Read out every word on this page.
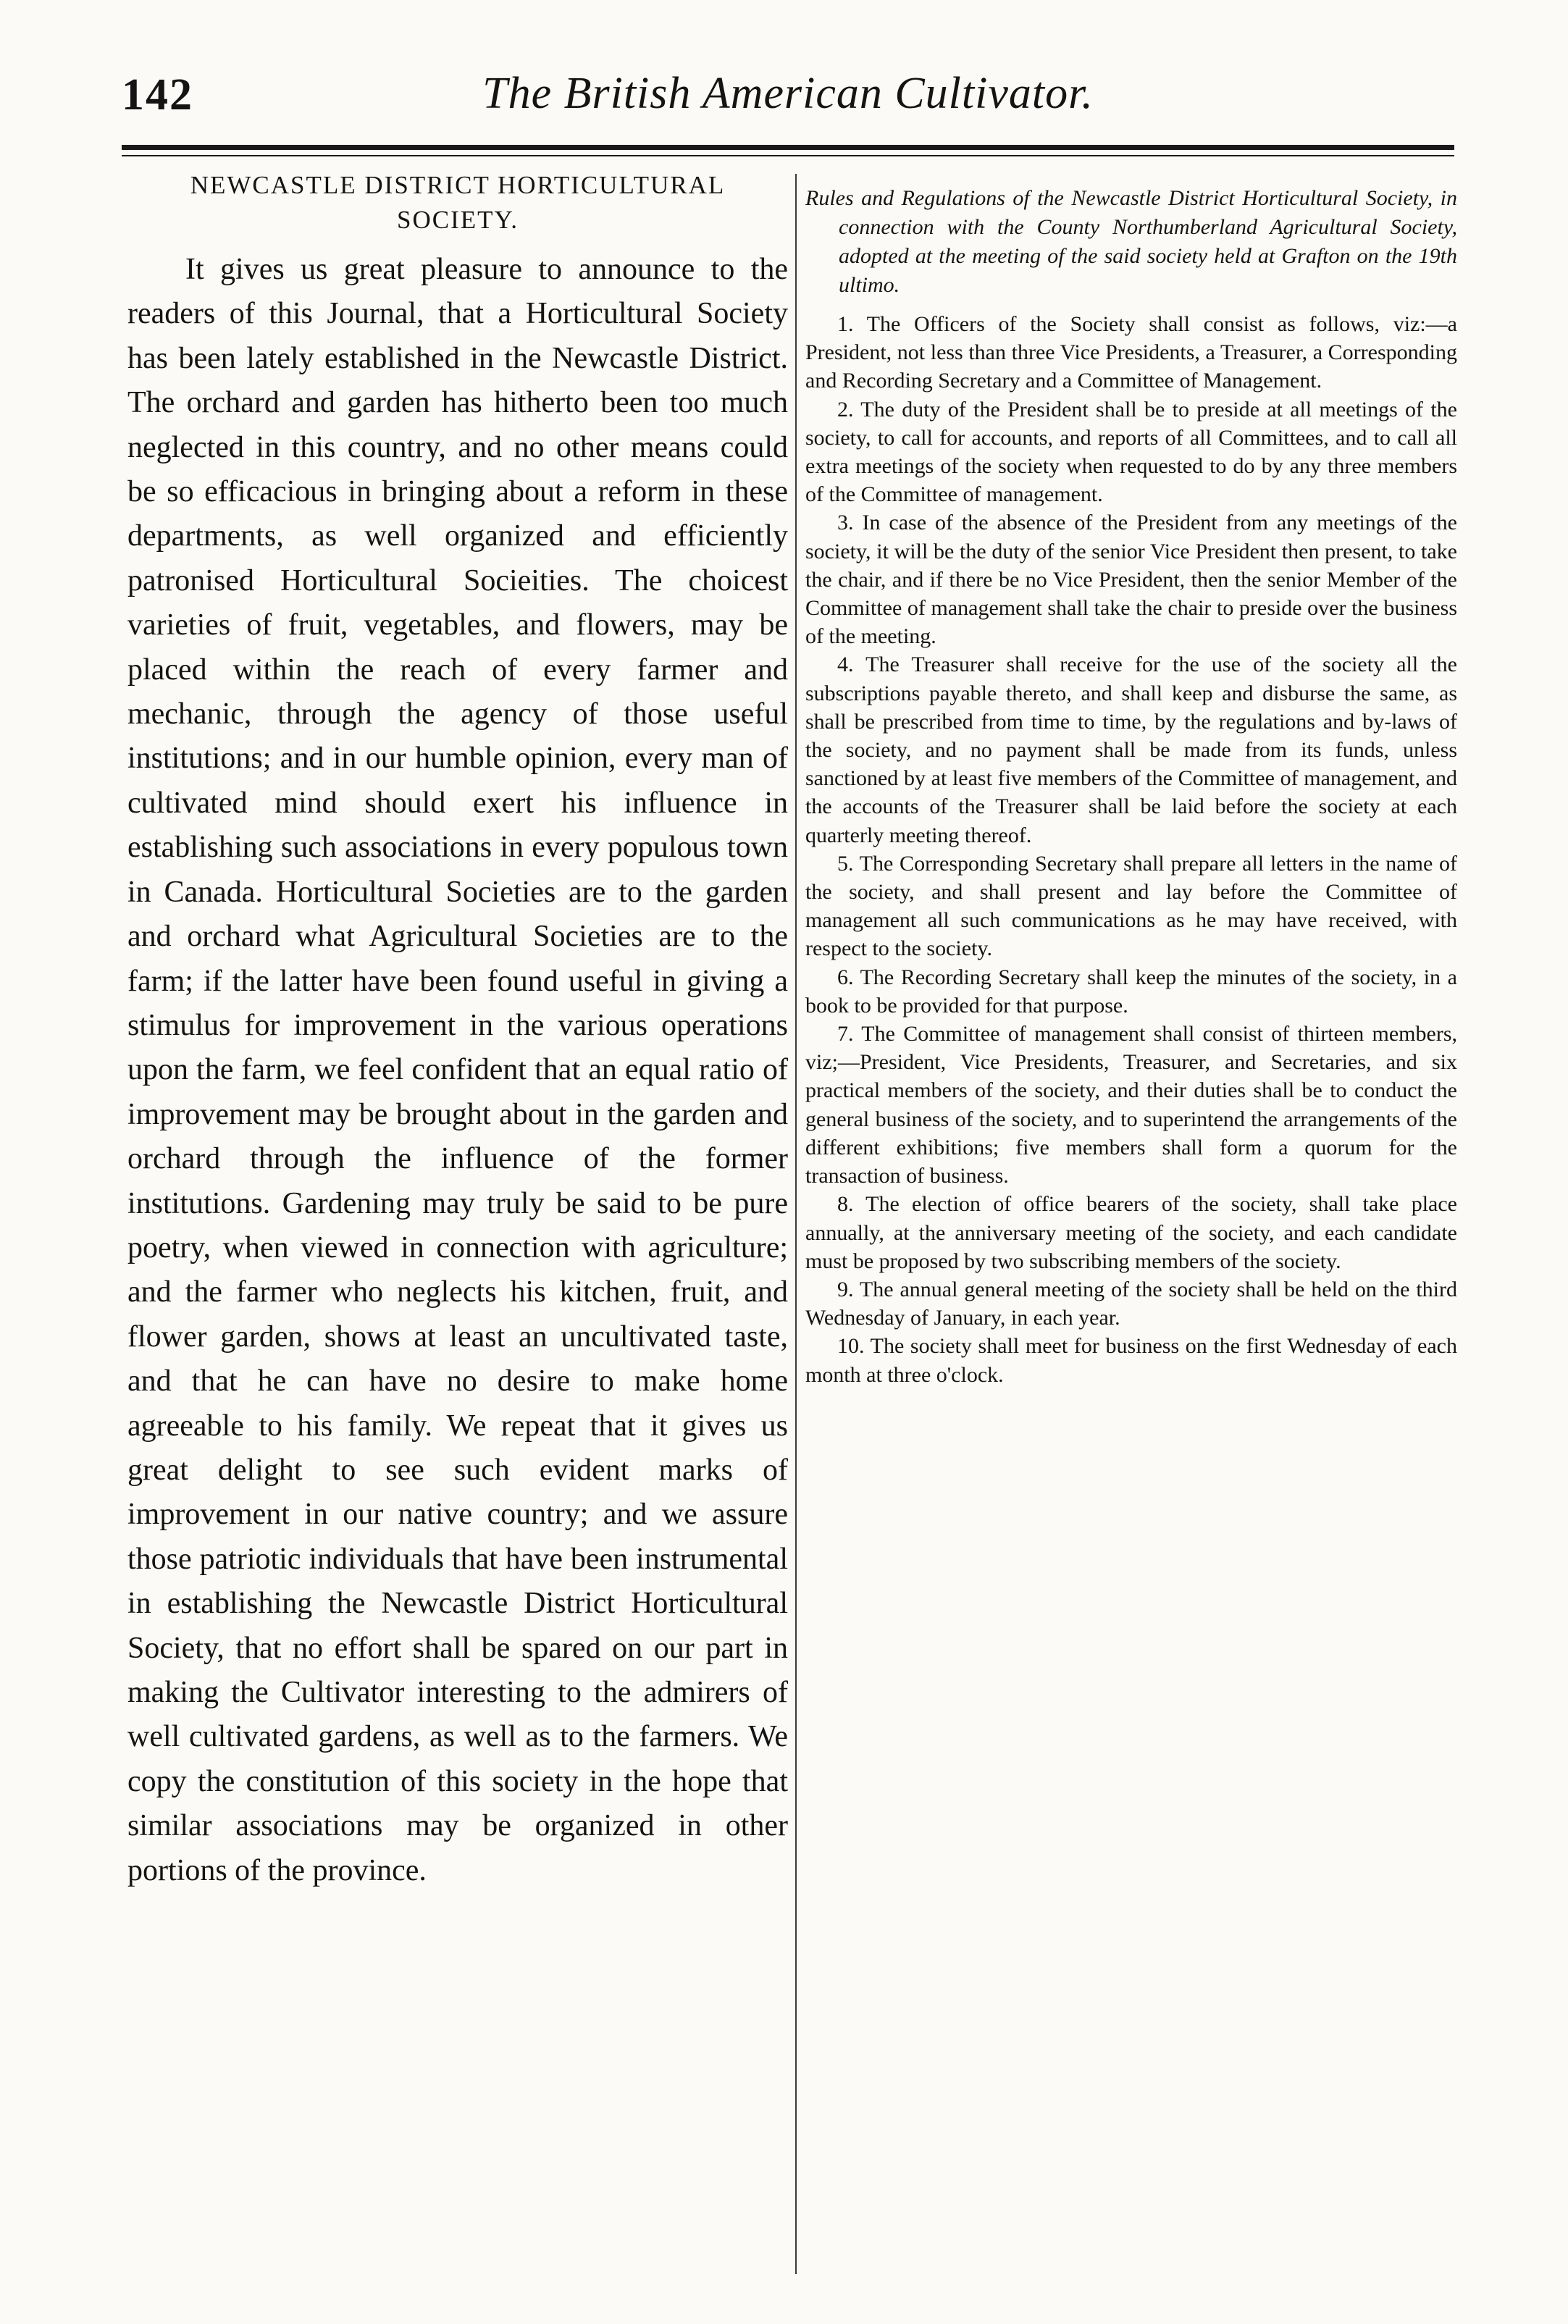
142	The British American Cultivator.
NEWCASTLE DISTRICT HORTICULTURAL SOCIETY.

It gives us great pleasure to announce to the readers of this Journal, that a Horticultural Society has been lately established in the Newcastle District. The orchard and garden has hitherto been too much neglected in this country, and no other means could be so efficacious in bringing about a reform in these departments, as well organized and efficiently patronised Horticultural Socieities. The choicest varieties of fruit, vegetables, and flowers, may be placed within the reach of every farmer and mechanic, through the agency of those useful institutions; and in our humble opinion, every man of cultivated mind should exert his influence in establishing such associations in every populous town in Canada. Horticultural Societies are to the garden and orchard what Agricultural Societies are to the farm; if the latter have been found useful in giving a stimulus for improvement in the various operations upon the farm, we feel confident that an equal ratio of improvement may be brought about in the garden and orchard through the influence of the former institutions. Gardening may truly be said to be pure poetry, when viewed in connection with agriculture; and the farmer who neglects his kitchen, fruit, and flower garden, shows at least an uncultivated taste, and that he can have no desire to make home agreeable to his family. We repeat that it gives us great delight to see such evident marks of improvement in our native country; and we assure those patriotic individuals that have been instrumental in establishing the Newcastle District Horticultural Society, that no effort shall be spared on our part in making the Cultivator interesting to the admirers of well cultivated gardens, as well as to the farmers. We copy the constitution of this society in the hope that similar associations may be organized in other portions of the province.

Rules and Regulations of the Newcastle District Horticultural Society, in connection with the County Northumberland Agricultural Society, adopted at the meeting of the said society held at Grafton on the 19th ultimo.

1. The Officers of the Society shall consist as follows, viz:—a President, not less than three Vice Presidents, a Treasurer, a Corresponding and Recording Secretary and a Committee of Management.
2. The duty of the President shall be to preside at all meetings of the society, to call for accounts, and reports of all Committees, and to call all extra meetings of the society when requested to do by any three members of the Committee of management.
3. In case of the absence of the President from any meetings of the society, it will be the duty of the senior Vice President then present, to take the chair, and if there be no Vice President, then the senior Member of the Committee of management shall take the chair to preside over the business of the meeting.
4. The Treasurer shall receive for the use of the society all the subscriptions payable thereto, and shall keep and disburse the same, as shall be prescribed from time to time, by the regulations and by-laws of the society, and no payment shall be made from its funds, unless sanctioned by at least five members of the Committee of management, and the accounts of the Treasurer shall be laid before the society at each quarterly meeting thereof.
5. The Corresponding Secretary shall prepare all letters in the name of the society, and shall present and lay before the Committee of management all such communications as he may have received, with respect to the society.
6. The Recording Secretary shall keep the minutes of the society, in a book to be provided for that purpose.
7. The Committee of management shall consist of thirteen members, viz;—President, Vice Presidents, Treasurer, and Secretaries, and six practical members of the society, and their duties shall be to conduct the general business of the society, and to superintend the arrangements of the different exhibitions; five members shall form a quorum for the transaction of business.
8. The election of office bearers of the society, shall take place annually, at the anniversary meeting of the society, and each candidate must be proposed by two subscribing members of the society.
9. The annual general meeting of the society shall be held on the third Wednesday of January, in each year.
10. The society shall meet for business on the first Wednesday of each month at three o'clock.
